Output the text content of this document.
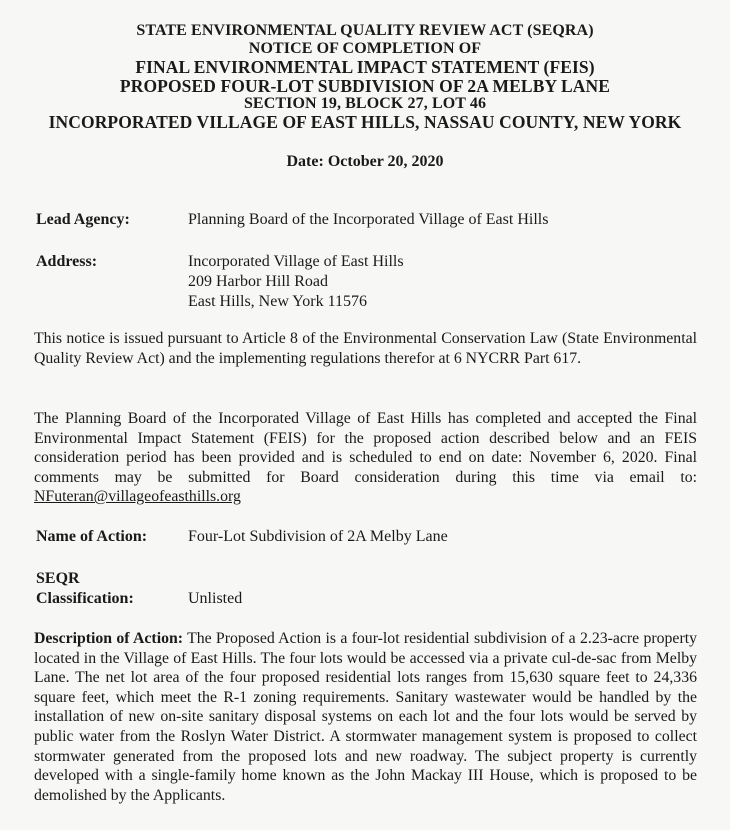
STATE ENVIRONMENTAL QUALITY REVIEW ACT (SEQRA)
NOTICE OF COMPLETION OF
FINAL ENVIRONMENTAL IMPACT STATEMENT (FEIS)
PROPOSED FOUR-LOT SUBDIVISION OF 2A MELBY LANE
SECTION 19, BLOCK 27, LOT 46
INCORPORATED VILLAGE OF EAST HILLS, NASSAU COUNTY, NEW YORK
Date: October 20, 2020
Lead Agency:	Planning Board of the Incorporated Village of East Hills
Address:	Incorporated Village of East Hills
209 Harbor Hill Road
East Hills, New York 11576
This notice is issued pursuant to Article 8 of the Environmental Conservation Law (State Environmental Quality Review Act) and the implementing regulations therefor at 6 NYCRR Part 617.
The Planning Board of the Incorporated Village of East Hills has completed and accepted the Final Environmental Impact Statement (FEIS) for the proposed action described below and an FEIS consideration period has been provided and is scheduled to end on date: November 6, 2020. Final comments may be submitted for Board consideration during this time via email to: NFuteran@villageofeasthills.org
Name of Action:	Four-Lot Subdivision of 2A Melby Lane
SEQR
Classification:	Unlisted
Description of Action: The Proposed Action is a four-lot residential subdivision of a 2.23-acre property located in the Village of East Hills. The four lots would be accessed via a private cul-de-sac from Melby Lane. The net lot area of the four proposed residential lots ranges from 15,630 square feet to 24,336 square feet, which meet the R-1 zoning requirements. Sanitary wastewater would be handled by the installation of new on-site sanitary disposal systems on each lot and the four lots would be served by public water from the Roslyn Water District. A stormwater management system is proposed to collect stormwater generated from the proposed lots and new roadway. The subject property is currently developed with a single-family home known as the John Mackay III House, which is proposed to be demolished by the Applicants.
